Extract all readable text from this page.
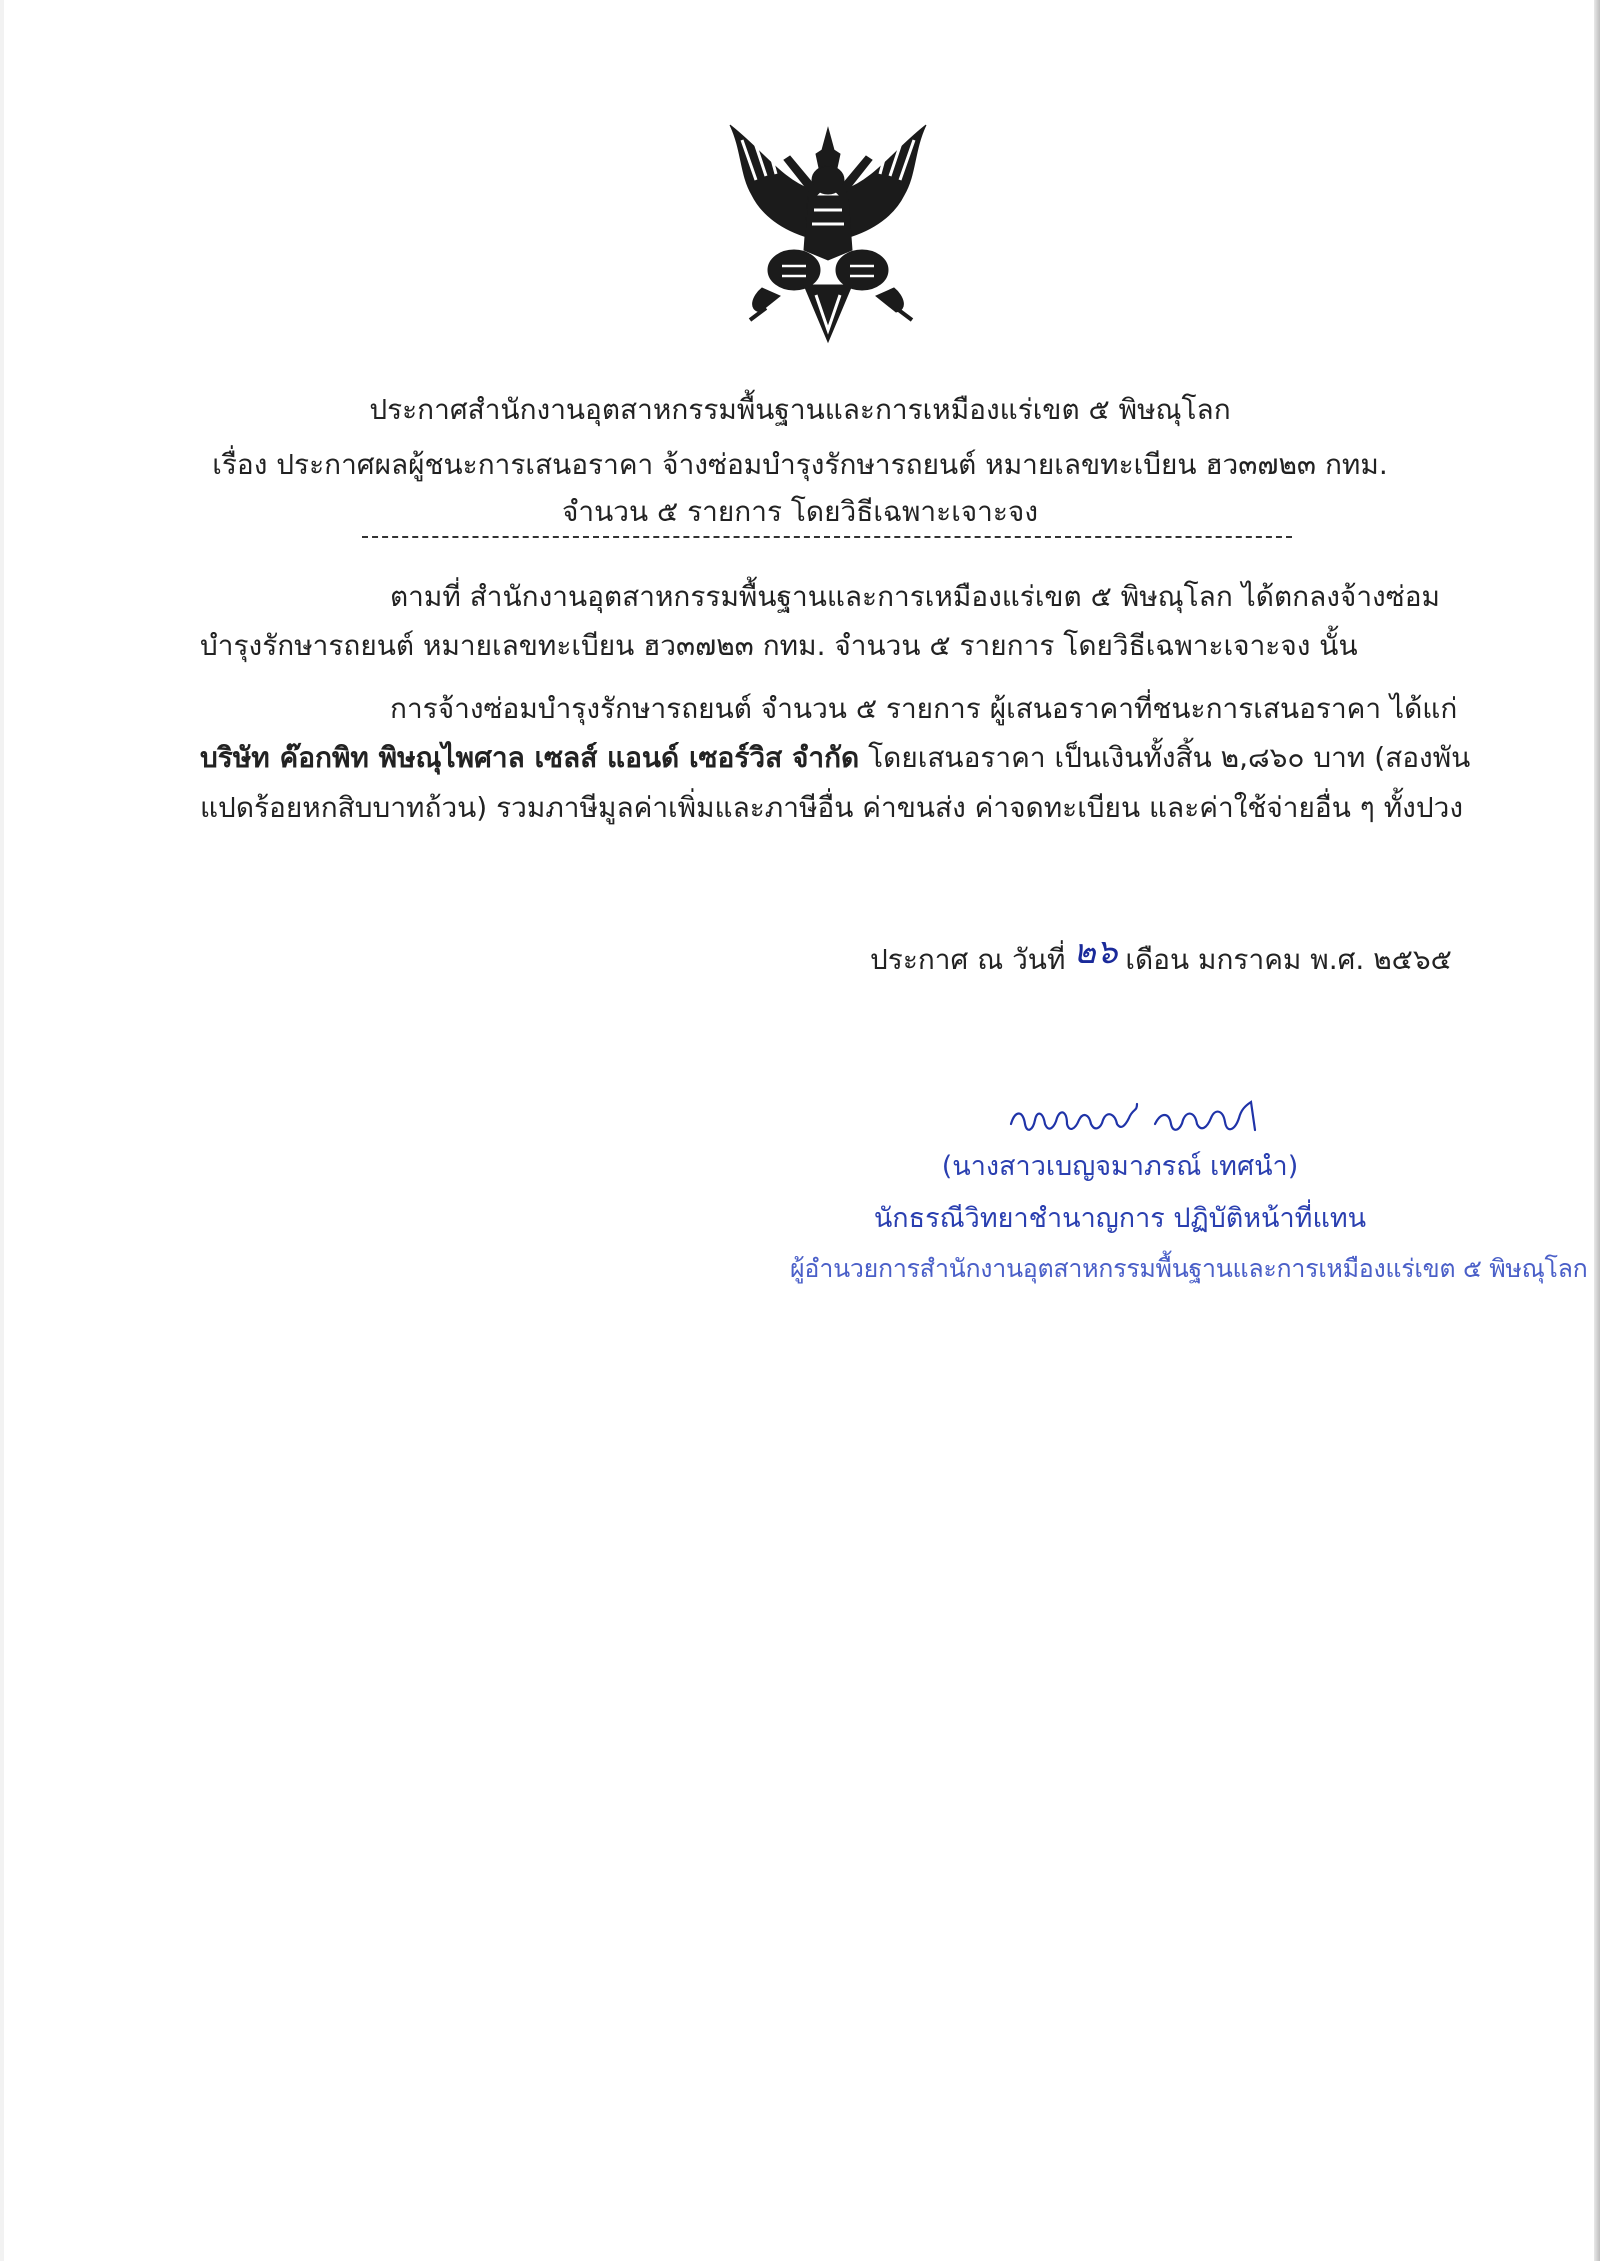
ประกาศสำนักงานอุตสาหกรรมพื้นฐานและการเหมืองแร่เขต ๕ พิษณุโลก
เรื่อง ประกาศผลผู้ชนะการเสนอราคา จ้างซ่อมบำรุงรักษารถยนต์ หมายเลขทะเบียน ฮว๓๗๒๓ กทม.
จำนวน ๕ รายการ โดยวิธีเฉพาะเจาะจง
ตามที่ สำนักงานอุตสาหกรรมพื้นฐานและการเหมืองแร่เขต ๕ พิษณุโลก ได้ตกลงจ้างซ่อม
บำรุงรักษารถยนต์ หมายเลขทะเบียน ฮว๓๗๒๓ กทม. จำนวน ๕ รายการ โดยวิธีเฉพาะเจาะจง นั้น
การจ้างซ่อมบำรุงรักษารถยนต์ จำนวน ๕ รายการ ผู้เสนอราคาที่ชนะการเสนอราคา ได้แก่
บริษัท ค๊อกพิท พิษณุไพศาล เซลส์ แอนด์ เซอร์วิส จำกัด โดยเสนอราคา เป็นเงินทั้งสิ้น ๒,๘๖๐ บาท (สองพัน
แปดร้อยหกสิบบาทถ้วน) รวมภาษีมูลค่าเพิ่มและภาษีอื่น ค่าขนส่ง ค่าจดทะเบียน และค่าใช้จ่ายอื่น ๆ ทั้งปวง
ประกาศ ณ วันที่ ๒๖ เดือน มกราคม พ.ศ. ๒๕๖๕
(นางสาวเบญจมาภรณ์ เทศนำ)
นักธรณีวิทยาชำนาญการ ปฏิบัติหน้าที่แทน
ผู้อำนวยการสำนักงานอุตสาหกรรมพื้นฐานและการเหมืองแร่เขต ๕ พิษณุโลก
